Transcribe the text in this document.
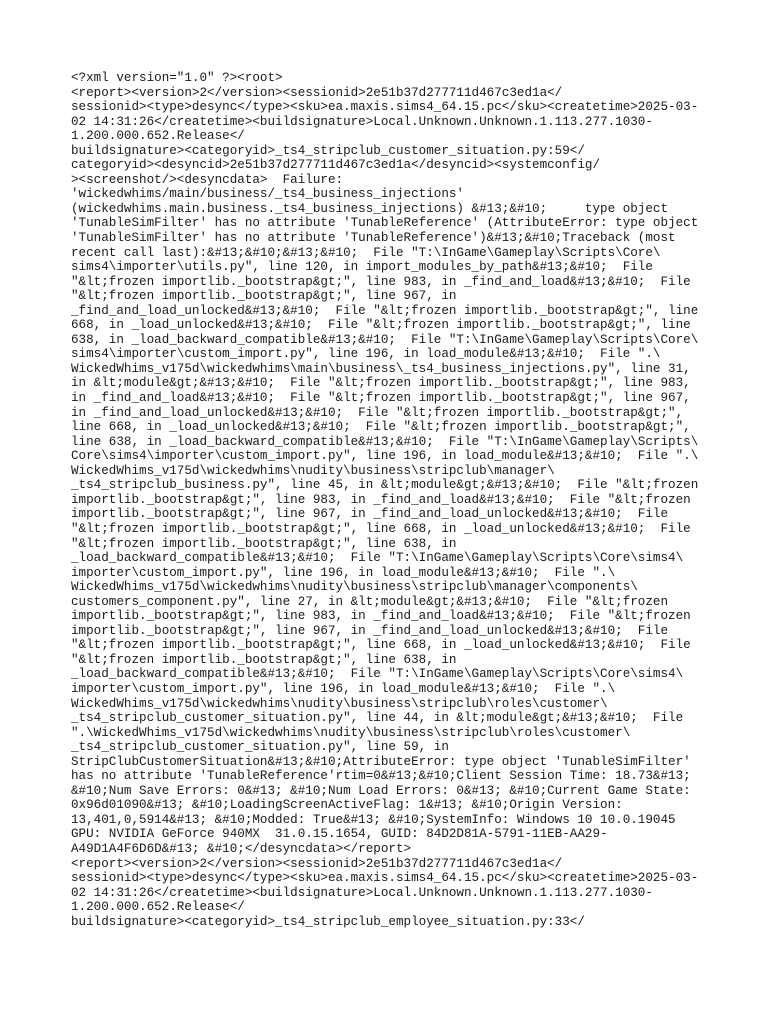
<?xml version="1.0" ?><root>
<report><version>2</version><sessionid>2e51b37d277711d467c3ed1a</
sessionid><type>desync</type><sku>ea.maxis.sims4_64.15.pc</sku><createtime>2025-03-
02 14:31:26</createtime><buildsignature>Local.Unknown.Unknown.1.113.277.1030-
1.200.000.652.Release</
buildsignature><categoryid>_ts4_stripclub_customer_situation.py:59</
categoryid><desyncid>2e51b37d277711d467c3ed1a</desyncid><systemconfig/
><screenshot/><desyncdata>  Failure:
'wickedwhims/main/business/_ts4_business_injections'
(wickedwhims.main.business._ts4_business_injections) &#13;&#10;     type object
'TunableSimFilter' has no attribute 'TunableReference' (AttributeError: type object
'TunableSimFilter' has no attribute 'TunableReference')&#13;&#10;Traceback (most
recent call last):&#13;&#10;&#13;&#10;  File "T:\InGame\Gameplay\Scripts\Core\
sims4\importer\utils.py", line 120, in import_modules_by_path&#13;&#10;  File
"&lt;frozen importlib._bootstrap&gt;", line 983, in _find_and_load&#13;&#10;  File
"&lt;frozen importlib._bootstrap&gt;", line 967, in
_find_and_load_unlocked&#13;&#10;  File "&lt;frozen importlib._bootstrap&gt;", line
668, in _load_unlocked&#13;&#10;  File "&lt;frozen importlib._bootstrap&gt;", line
638, in _load_backward_compatible&#13;&#10;  File "T:\InGame\Gameplay\Scripts\Core\
sims4\importer\custom_import.py", line 196, in load_module&#13;&#10;  File ".\
WickedWhims_v175d\wickedwhims\main\business\_ts4_business_injections.py", line 31,
in &lt;module&gt;&#13;&#10;  File "&lt;frozen importlib._bootstrap&gt;", line 983,
in _find_and_load&#13;&#10;  File "&lt;frozen importlib._bootstrap&gt;", line 967,
in _find_and_load_unlocked&#13;&#10;  File "&lt;frozen importlib._bootstrap&gt;",
line 668, in _load_unlocked&#13;&#10;  File "&lt;frozen importlib._bootstrap&gt;",
line 638, in _load_backward_compatible&#13;&#10;  File "T:\InGame\Gameplay\Scripts\
Core\sims4\importer\custom_import.py", line 196, in load_module&#13;&#10;  File ".\
WickedWhims_v175d\wickedwhims\nudity\business\stripclub\manager\
_ts4_stripclub_business.py", line 45, in &lt;module&gt;&#13;&#10;  File "&lt;frozen
importlib._bootstrap&gt;", line 983, in _find_and_load&#13;&#10;  File "&lt;frozen
importlib._bootstrap&gt;", line 967, in _find_and_load_unlocked&#13;&#10;  File
"&lt;frozen importlib._bootstrap&gt;", line 668, in _load_unlocked&#13;&#10;  File
"&lt;frozen importlib._bootstrap&gt;", line 638, in
_load_backward_compatible&#13;&#10;  File "T:\InGame\Gameplay\Scripts\Core\sims4\
importer\custom_import.py", line 196, in load_module&#13;&#10;  File ".\
WickedWhims_v175d\wickedwhims\nudity\business\stripclub\manager\components\
customers_component.py", line 27, in &lt;module&gt;&#13;&#10;  File "&lt;frozen
importlib._bootstrap&gt;", line 983, in _find_and_load&#13;&#10;  File "&lt;frozen
importlib._bootstrap&gt;", line 967, in _find_and_load_unlocked&#13;&#10;  File
"&lt;frozen importlib._bootstrap&gt;", line 668, in _load_unlocked&#13;&#10;  File
"&lt;frozen importlib._bootstrap&gt;", line 638, in
_load_backward_compatible&#13;&#10;  File "T:\InGame\Gameplay\Scripts\Core\sims4\
importer\custom_import.py", line 196, in load_module&#13;&#10;  File ".\
WickedWhims_v175d\wickedwhims\nudity\business\stripclub\roles\customer\
_ts4_stripclub_customer_situation.py", line 44, in &lt;module&gt;&#13;&#10;  File
".\WickedWhims_v175d\wickedwhims\nudity\business\stripclub\roles\customer\
_ts4_stripclub_customer_situation.py", line 59, in
StripClubCustomerSituation&#13;&#10;AttributeError: type object 'TunableSimFilter'
has no attribute 'TunableReference'rtim=0&#13;&#10;Client Session Time: 18.73&#13;
&#10;Num Save Errors: 0&#13; &#10;Num Load Errors: 0&#13; &#10;Current Game State:
0x96d01090&#13; &#10;LoadingScreenActiveFlag: 1&#13; &#10;Origin Version:
13,401,0,5914&#13; &#10;Modded: True&#13; &#10;SystemInfo: Windows 10 10.0.19045
GPU: NVIDIA GeForce 940MX  31.0.15.1654, GUID: 84D2D81A-5791-11EB-AA29-
A49D1A4F6D6D&#13; &#10;</desyncdata></report>
<report><version>2</version><sessionid>2e51b37d277711d467c3ed1a</
sessionid><type>desync</type><sku>ea.maxis.sims4_64.15.pc</sku><createtime>2025-03-
02 14:31:26</createtime><buildsignature>Local.Unknown.Unknown.1.113.277.1030-
1.200.000.652.Release</
buildsignature><categoryid>_ts4_stripclub_employee_situation.py:33</
